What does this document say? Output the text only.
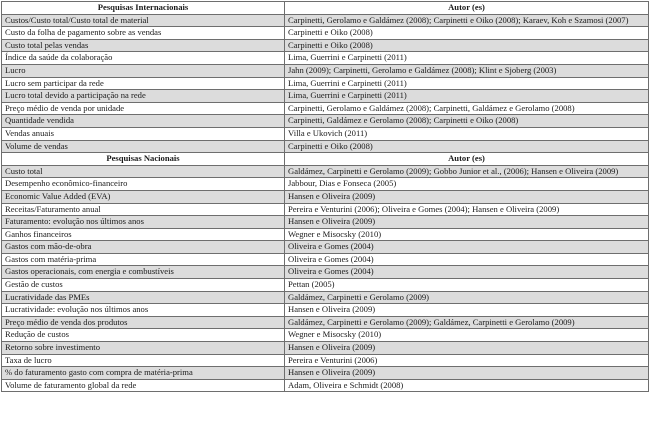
Pesquisas Internacionais	Autor (es)
Custos/Custo total/Custo total de material	Carpinetti, Gerolamo e Galdámez (2008); Carpinetti e Oiko (2008); Karaev, Koh e Szamosi (2007)
Custo da folha de pagamento sobre as vendas	Carpinetti e Oiko (2008)
Custo total pelas vendas	Carpinetti e Oiko (2008)
Índice da saúde da colaboração	Lima, Guerrini e Carpinetti (2011)
Lucro	Jahn (2009); Carpinetti, Gerolamo e Galdámez (2008); Klint e Sjoberg (2003)
Lucro sem participar da rede	Lima, Guerrini e Carpinetti (2011)
Lucro total devido a participação na rede	Lima, Guerrini e Carpinetti (2011)
Preço médio de venda por unidade	Carpinetti, Gerolamo e Galdámez (2008); Carpinetti, Galdámez e Gerolamo (2008)
Quantidade vendida	Carpinetti, Galdámez e Gerolamo (2008); Carpinetti e Oiko (2008)
Vendas anuais	Villa e Ukovich (2011)
Volume de vendas	Carpinetti e Oiko (2008)
Pesquisas Nacionais	Autor (es)
Custo total	Galdámez, Carpinetti e Gerolamo (2009); Gobbo Junior et al., (2006); Hansen e Oliveira (2009)
Desempenho econômico-financeiro	Jabbour, Dias e Fonseca (2005)
Economic Value Added (EVA)	Hansen e Oliveira (2009)
Receitas/Faturamento anual	Pereira e Venturini (2006); Oliveira e Gomes (2004); Hansen e Oliveira (2009)
Faturamento: evolução nos últimos anos	Hansen e Oliveira (2009)
Ganhos financeiros	Wegner e Misocsky (2010)
Gastos com mão-de-obra	Oliveira e Gomes (2004)
Gastos com matéria-prima	Oliveira e Gomes (2004)
Gastos operacionais, com energia e combustíveis	Oliveira e Gomes (2004)
Gestão de custos	Pettan (2005)
Lucratividade das PMEs	Galdámez, Carpinetti e Gerolamo (2009)
Lucratividade: evolução nos últimos anos	Hansen e Oliveira (2009)
Preço médio de venda dos produtos	Galdámez, Carpinetti e Gerolamo (2009); Galdámez, Carpinetti e Gerolamo (2009)
Redução de custos	Wegner e Misocsky (2010)
Retorno sobre investimento	Hansen e Oliveira (2009)
Taxa de lucro	Pereira e Venturini (2006)
% do faturamento gasto com compra de matéria-prima	Hansen e Oliveira (2009)
Volume de faturamento global da rede	Adam, Oliveira e Schmidt (2008)
